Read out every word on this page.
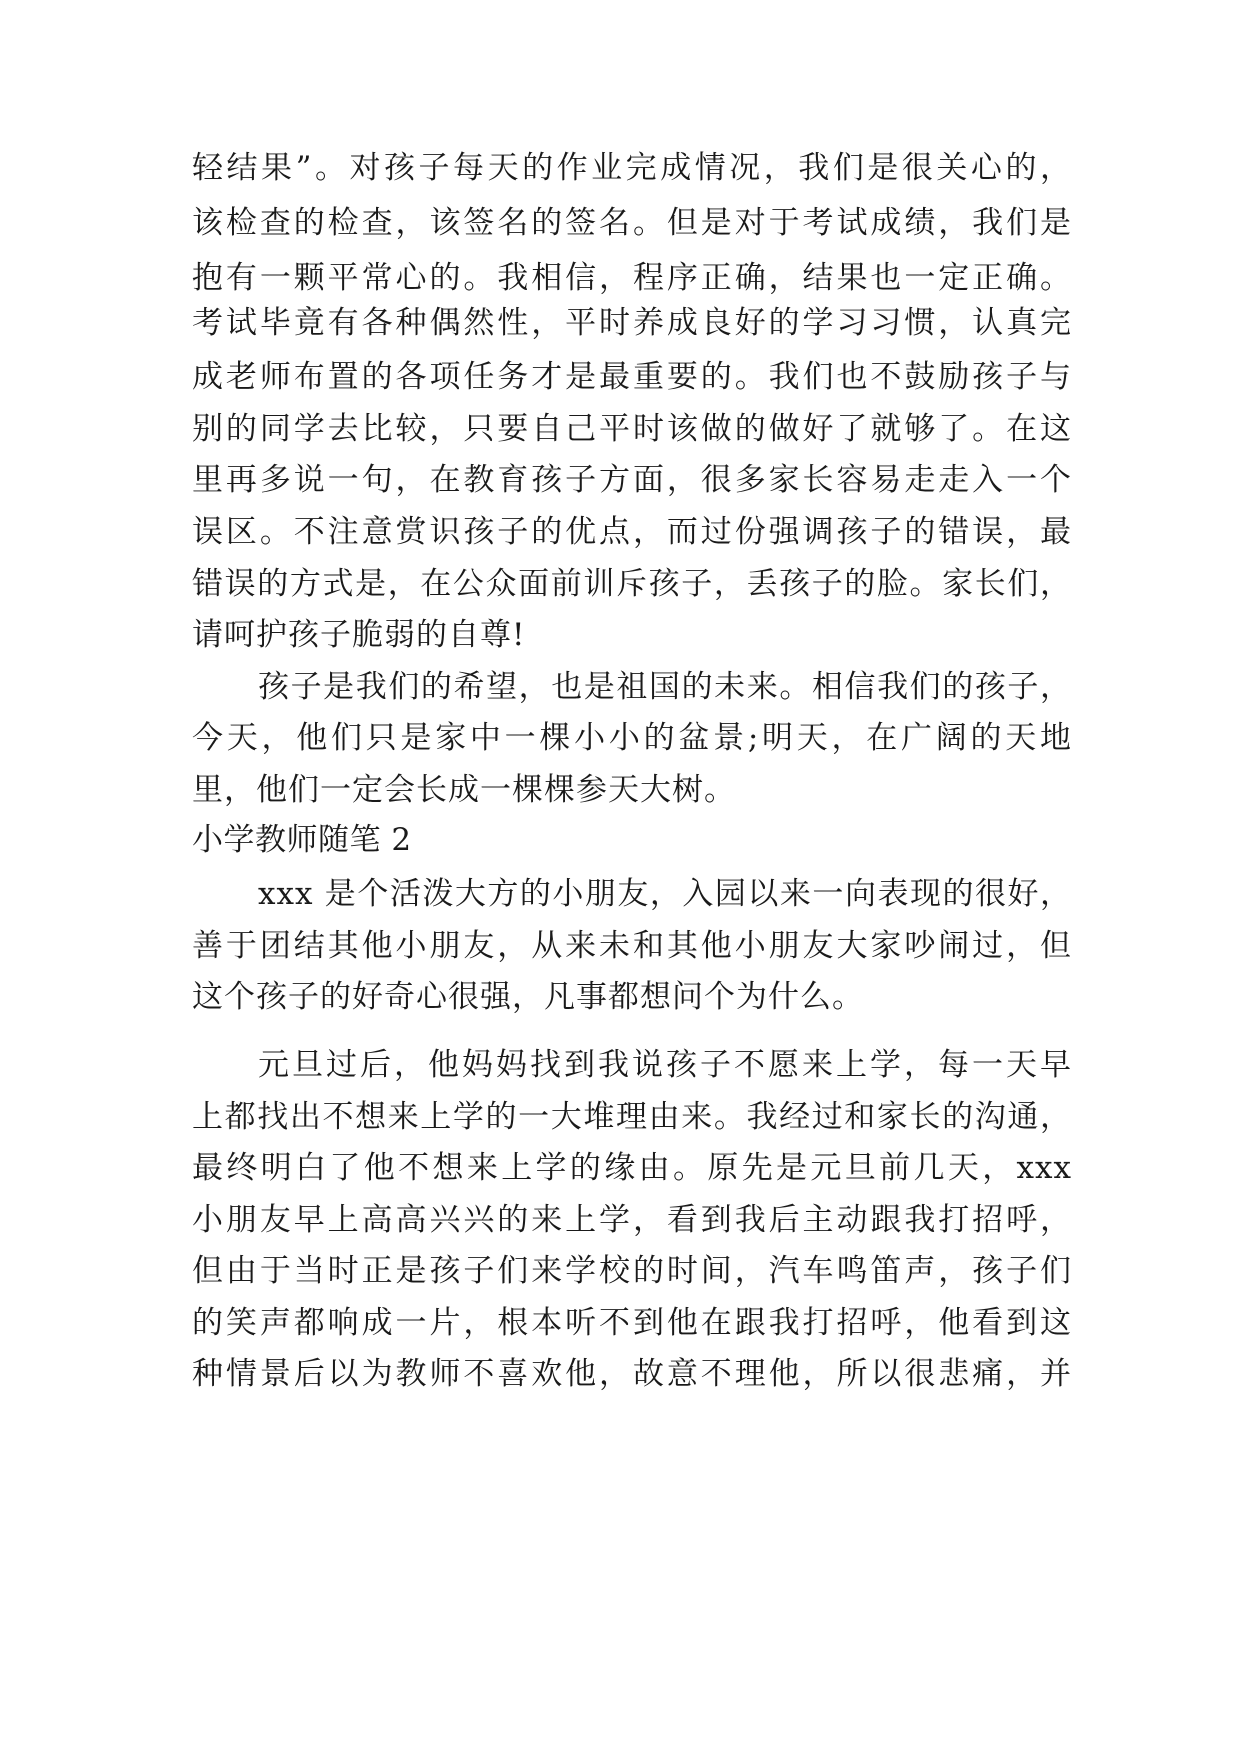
轻结果”。对孩子每天的作业完成情况，我们是很关心的，
该检查的检查，该签名的签名。但是对于考试成绩，我们是
抱有一颗平常心的。我相信，程序正确，结果也一定正确。
考试毕竟有各种偶然性，平时养成良好的学习习惯，认真完
成老师布置的各项任务才是最重要的。我们也不鼓励孩子与
别的同学去比较，只要自己平时该做的做好了就够了。在这
里再多说一句，在教育孩子方面，很多家长容易走走入一个
误区。不注意赏识孩子的优点，而过份强调孩子的错误，最
错误的方式是，在公众面前训斥孩子，丢孩子的脸。家长们，
请呵护孩子脆弱的自尊!
孩子是我们的希望，也是祖国的未来。相信我们的孩子，
今天，他们只是家中一棵小小的盆景;明天，在广阔的天地
里，他们一定会长成一棵棵参天大树。
小学教师随笔 2
xxx 是个活泼大方的小朋友，入园以来一向表现的很好，
善于团结其他小朋友，从来未和其他小朋友大家吵闹过，但
这个孩子的好奇心很强，凡事都想问个为什么。
元旦过后，他妈妈找到我说孩子不愿来上学，每一天早
上都找出不想来上学的一大堆理由来。我经过和家长的沟通，
最终明白了他不想来上学的缘由。原先是元旦前几天，xxx
小朋友早上高高兴兴的来上学，看到我后主动跟我打招呼，
但由于当时正是孩子们来学校的时间，汽车鸣笛声，孩子们
的笑声都响成一片，根本听不到他在跟我打招呼，他看到这
种情景后以为教师不喜欢他，故意不理他，所以很悲痛，并
